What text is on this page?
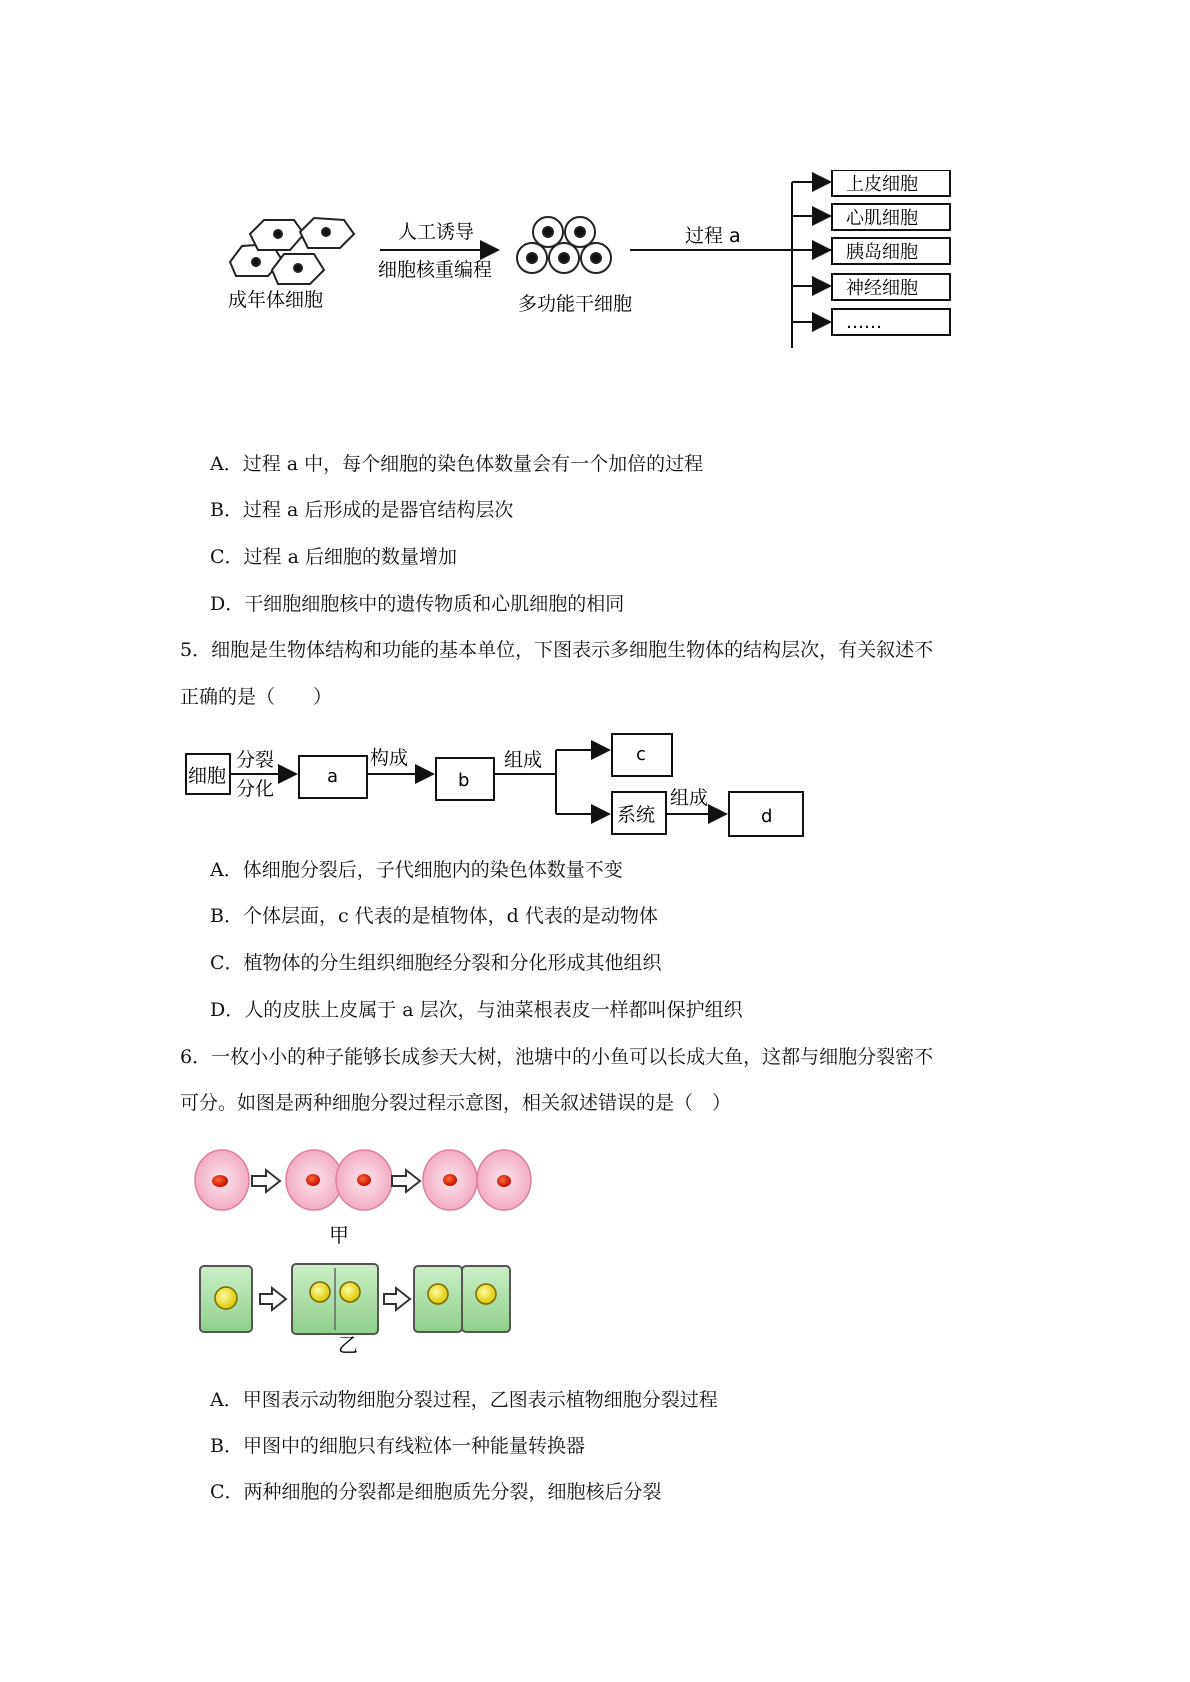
成年体细胞
人工诱导
细胞核重编程
多功能干细胞
过程 a
上皮细胞
心肌细胞
胰岛细胞
神经细胞
……
A．过程 a 中，每个细胞的染色体数量会有一个加倍的过程
B．过程 a 后形成的是器官结构层次
C．过程 a 后细胞的数量增加
D．干细胞细胞核中的遗传物质和心肌细胞的相同
5．细胞是生物体结构和功能的基本单位，下图表示多细胞生物体的结构层次，有关叙述不
正确的是（　　）
细胞
分裂
分化
a
构成
b
组成	c
系统
组成
d
A．体细胞分裂后，子代细胞内的染色体数量不变
B．个体层面，c 代表的是植物体，d 代表的是动物体
C．植物体的分生组织细胞经分裂和分化形成其他组织
D．人的皮肤上皮属于 a 层次，与油菜根表皮一样都叫保护组织
6．一枚小小的种子能够长成参天大树，池塘中的小鱼可以长成大鱼，这都与细胞分裂密不
可分。如图是两种细胞分裂过程示意图，相关叙述错误的是（　）
甲
乙
A．甲图表示动物细胞分裂过程，乙图表示植物细胞分裂过程
B．甲图中的细胞只有线粒体一种能量转换器
C．两种细胞的分裂都是细胞质先分裂，细胞核后分裂
